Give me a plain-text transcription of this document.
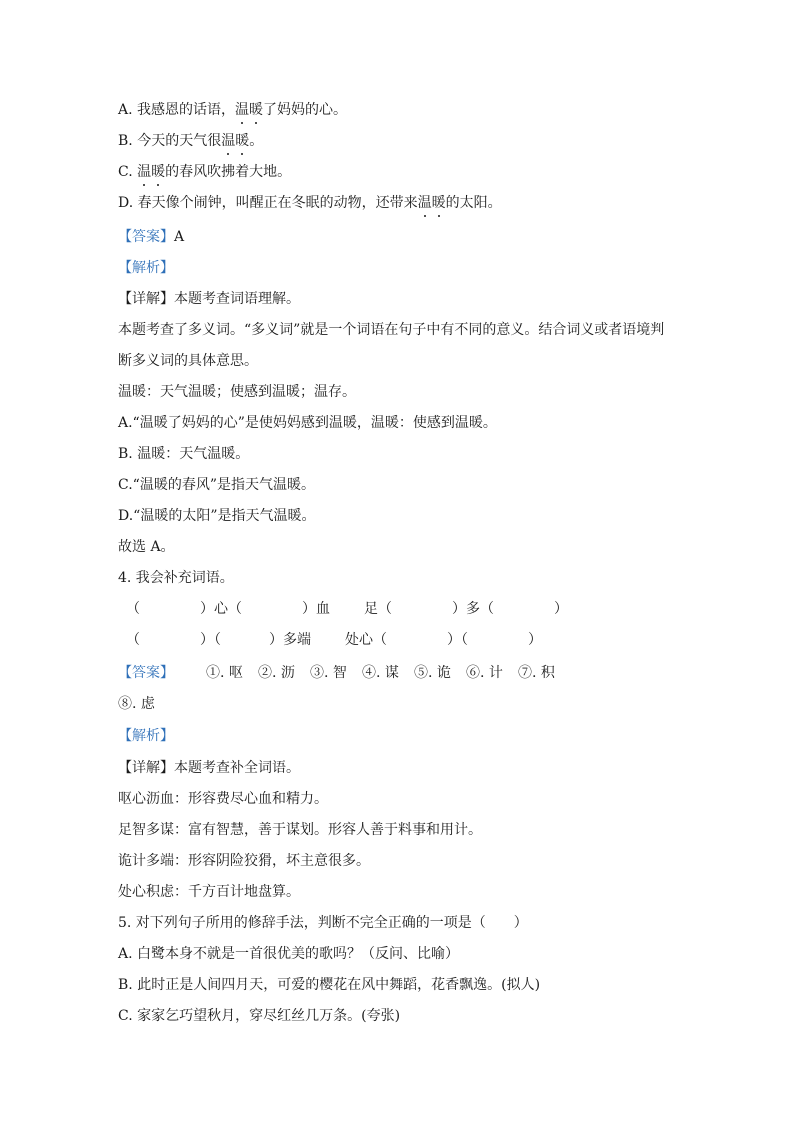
A. 我感恩的话语，温暖了妈妈的心。
B. 今天的天气很温暖。
C. 温暖的春风吹拂着大地。
D. 春天像个闹钟，叫醒正在冬眠的动物，还带来温暖的太阳。
【答案】A
【解析】
【详解】本题考查词语理解。
本题考查了多义词。“多义词”就是一个词语在句子中有不同的意义。结合词义或者语境判
断多义词的具体意思。
温暖：天气温暖；使感到温暖；温存。
A.“温暖了妈妈的心”是使妈妈感到温暖，温暖：使感到温暖。
B. 温暖：天气温暖。
C.“温暖的春风”是指天气温暖。
D.“温暖的太阳”是指天气温暖。
故选 A。
4. 我会补充词语。
（	）心（	）血 足（	）多（	）
（	）（	）多端 处心（	）（	）
【答案】 ①. 呕 ②. 沥 ③. 智 ④. 谋 ⑤. 诡 ⑥. 计 ⑦. 积
⑧. 虑
【解析】
【详解】本题考查补全词语。
呕心沥血：形容费尽心血和精力。
足智多谋：富有智慧，善于谋划。形容人善于料事和用计。
诡计多端：形容阴险狡猾，坏主意很多。
处心积虑：千方百计地盘算。
5. 对下列句子所用的修辞手法，判断不完全正确的一项是（　　）
A. 白鹭本身不就是一首很优美的歌吗？（反问、比喻）
B. 此时正是人间四月天，可爱的樱花在风中舞蹈，花香飘逸。(拟人)
C. 家家乞巧望秋月，穿尽红丝几万条。(夸张)
